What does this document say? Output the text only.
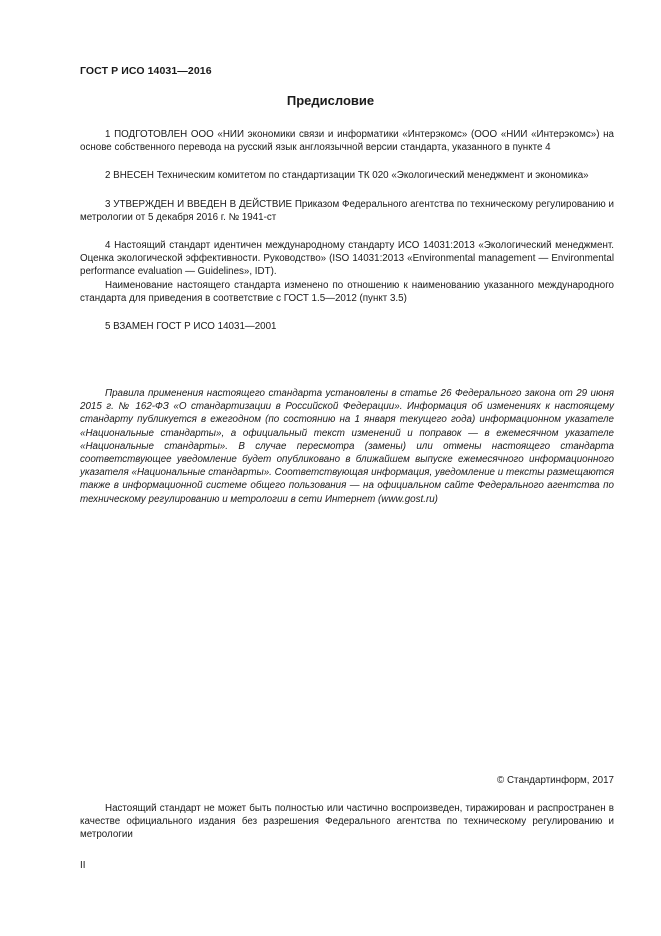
ГОСТ Р ИСО 14031—2016
Предисловие

1 ПОДГОТОВЛЕН ООО «НИИ экономики связи и информатики «Интерэкомс» (ООО «НИИ «Интерэкомс») на основе собственного перевода на русский язык англоязычной версии стандарта, указанного в пункте 4

2 ВНЕСЕН Техническим комитетом по стандартизации ТК 020 «Экологический менеджмент и экономика»

3 УТВЕРЖДЕН И ВВЕДЕН В ДЕЙСТВИЕ Приказом Федерального агентства по техническому регулированию и метрологии от 5 декабря 2016 г. № 1941-ст

4 Настоящий стандарт идентичен международному стандарту ИСО 14031:2013 «Экологический менеджмент. Оценка экологической эффективности. Руководство» (ISO 14031:2013 «Environmental management — Environmental performance evaluation — Guidelines», IDT).

Наименование настоящего стандарта изменено по отношению к наименованию указанного международного стандарта для приведения в соответствие с ГОСТ 1.5—2012 (пункт 3.5)

5 ВЗАМЕН ГОСТ Р ИСО 14031—2001

Правила применения настоящего стандарта установлены в статье 26 Федерального закона от 29 июня 2015 г. № 162-ФЗ «О стандартизации в Российской Федерации». Информация об изменениях к настоящему стандарту публикуется в ежегодном (по состоянию на 1 января текущего года) информационном указателе «Национальные стандарты», а официальный текст изменений и поправок — в ежемесячном указателе «Национальные стандарты». В случае пересмотра (замены) или отмены настоящего стандарта соответствующее уведомление будет опубликовано в ближайшем выпуске ежемесячного информационного указателя «Национальные стандарты». Соответствующая информация, уведомление и тексты размещаются также в информационной системе общего пользования — на официальном сайте Федерального агентства по техническому регулированию и метрологии в сети Интернет (www.gost.ru)

© Стандартинформ, 2017

Настоящий стандарт не может быть полностью или частично воспроизведен, тиражирован и распространен в качестве официального издания без разрешения Федерального агентства по техническому регулированию и метрологии

II
